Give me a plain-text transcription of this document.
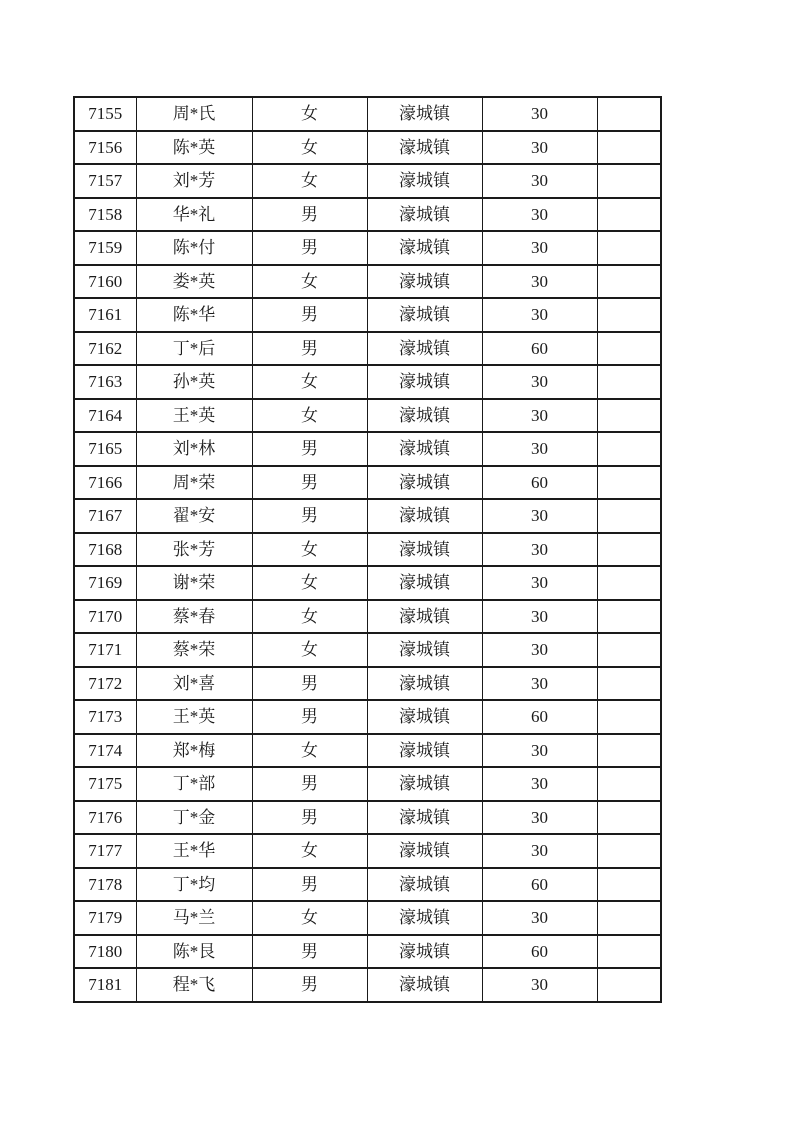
7155	周*氏	女	濠城镇	30	
7156	陈*英	女	濠城镇	30	
7157	刘*芳	女	濠城镇	30	
7158	华*礼	男	濠城镇	30	
7159	陈*付	男	濠城镇	30	
7160	娄*英	女	濠城镇	30	
7161	陈*华	男	濠城镇	30	
7162	丁*后	男	濠城镇	60	
7163	孙*英	女	濠城镇	30	
7164	王*英	女	濠城镇	30	
7165	刘*林	男	濠城镇	30	
7166	周*荣	男	濠城镇	60	
7167	翟*安	男	濠城镇	30	
7168	张*芳	女	濠城镇	30	
7169	谢*荣	女	濠城镇	30	
7170	蔡*春	女	濠城镇	30	
7171	蔡*荣	女	濠城镇	30	
7172	刘*喜	男	濠城镇	30	
7173	王*英	男	濠城镇	60	
7174	郑*梅	女	濠城镇	30	
7175	丁*部	男	濠城镇	30	
7176	丁*金	男	濠城镇	30	
7177	王*华	女	濠城镇	30	
7178	丁*均	男	濠城镇	60	
7179	马*兰	女	濠城镇	30	
7180	陈*艮	男	濠城镇	60	
7181	程*飞	男	濠城镇	30	
